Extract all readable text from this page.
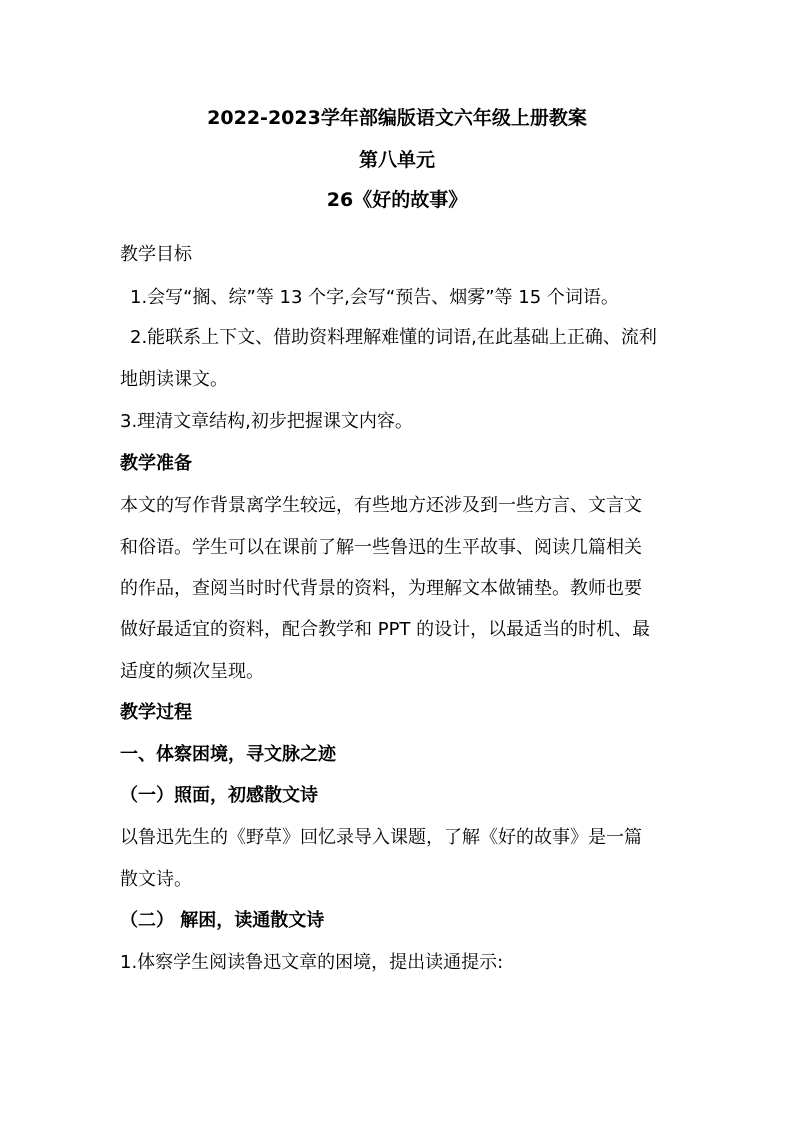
2022-2023学年部编版语文六年级上册教案
第八单元
26《好的故事》
教学目标
1.会写“搁、综”等 13 个字,会写“预告、烟雾”等 15 个词语。
2.能联系上下文、借助资料理解难懂的词语,在此基础上正确、流利
地朗读课文。
3.理清文章结构,初步把握课文内容。
教学准备
本文的写作背景离学生较远，有些地方还涉及到一些方言、文言文
和俗语。学生可以在课前了解一些鲁迅的生平故事、阅读几篇相关
的作品，查阅当时时代背景的资料，为理解文本做铺垫。教师也要
做好最适宜的资料，配合教学和 PPT 的设计，以最适当的时机、最
适度的频次呈现。
教学过程
一、体察困境，寻文脉之迹
（一）照面，初感散文诗
以鲁迅先生的《野草》回忆录导入课题，了解《好的故事》是一篇
散文诗。
（二） 解困，读通散文诗
1.体察学生阅读鲁迅文章的困境，提出读通提示:
